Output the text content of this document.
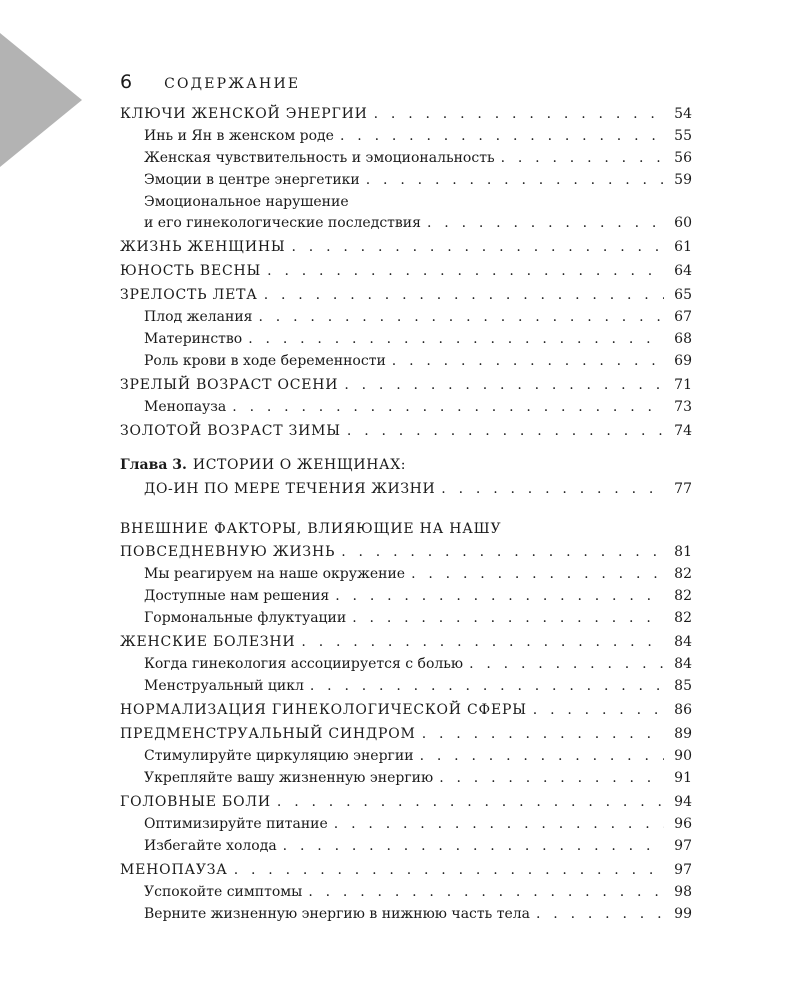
6 СОДЕРЖАНИЕ
КЛЮЧИ ЖЕНСКОЙ ЭНЕРГИИ . . .	54
Инь и Ян в женском роде . . .	55
Женская чувствительность и эмоциональность . . .	56
Эмоции в центре энергетики . . .	59
Эмоциональное нарушение
и его гинекологические последствия . . .	60
ЖИЗНЬ ЖЕНЩИНЫ . . .	61
ЮНОСТЬ ВЕСНЫ . . .	64
ЗРЕЛОСТЬ ЛЕТА . . .	65
Плод желания . . .	67
Материнство . . .	68
Роль крови в ходе беременности . . .	69
ЗРЕЛЫЙ ВОЗРАСТ ОСЕНИ . . .	71
Менопауза . . .	73
ЗОЛОТОЙ ВОЗРАСТ ЗИМЫ . . .	74
Глава 3. ИСТОРИИ О ЖЕНЩИНАХ:
ДО-ИН ПО МЕРЕ ТЕЧЕНИЯ ЖИЗНИ . . .	77
ВНЕШНИЕ ФАКТОРЫ, ВЛИЯЮЩИЕ НА НАШУ
ПОВСЕДНЕВНУЮ ЖИЗНЬ . . .	81
Мы реагируем на наше окружение . . .	82
Доступные нам решения . . .	82
Гормональные флуктуации . . .	82
ЖЕНСКИЕ БОЛЕЗНИ . . .	84
Когда гинекология ассоциируется с болью . . .	84
Менструальный цикл . . .	85
НОРМАЛИЗАЦИЯ ГИНЕКОЛОГИЧЕСКОЙ СФЕРЫ . . .	86
ПРЕДМЕНСТРУАЛЬНЫЙ СИНДРОМ . . .	89
Стимулируйте циркуляцию энергии . . .	90
Укрепляйте вашу жизненную энергию . . .	91
ГОЛОВНЫЕ БОЛИ . . .	94
Оптимизируйте питание . . .	96
Избегайте холода . . .	97
МЕНОПАУЗА . . .	97
Успокойте симптомы . . .	98
Верните жизненную энергию в нижнюю часть тела . . .	99
